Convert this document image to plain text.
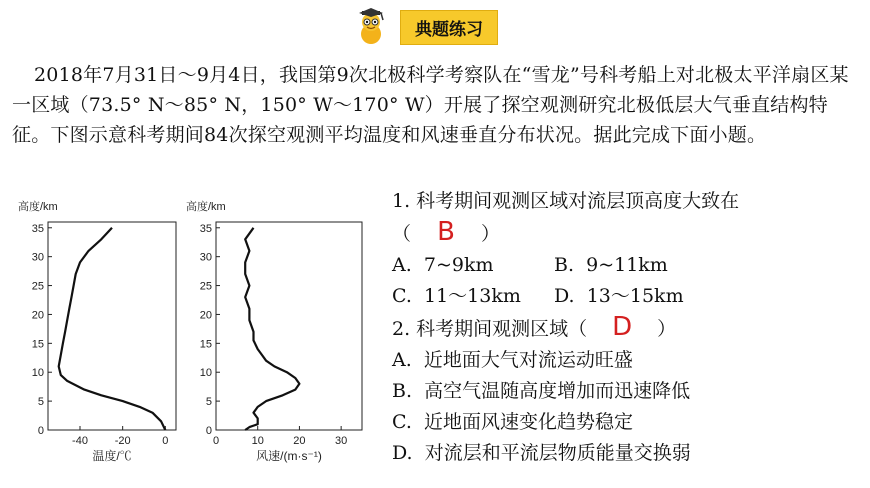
典题练习
2018年7月31日～9月4日，我国第9次北极科学考察队在“雪龙”号科考船上对北极太平洋扇区某一区域（73.5° N～85° N，150° W～170° W）开展了探空观测研究北极低层大气垂直结构特征。下图示意科考期间84次探空观测平均温度和风速垂直分布状况。据此完成下面小题。
高度/km
0
5
10
15
20
25
30
35
-40 -20	0
温度/℃
高度/km
0
5
10
15
20
25
30
35
0	10	20	30
风速/(m·s⁻¹)
1. 科考期间观测区域对流层顶高度大致在
（ B ）
A. 7~9km	B. 9~11km
C. 11～13km	D. 13～15km
2. 科考期间观测区域（ D ）
A. 近地面大气对流运动旺盛
B. 高空气温随高度增加而迅速降低
C. 近地面风速变化趋势稳定
D. 对流层和平流层物质能量交换弱
